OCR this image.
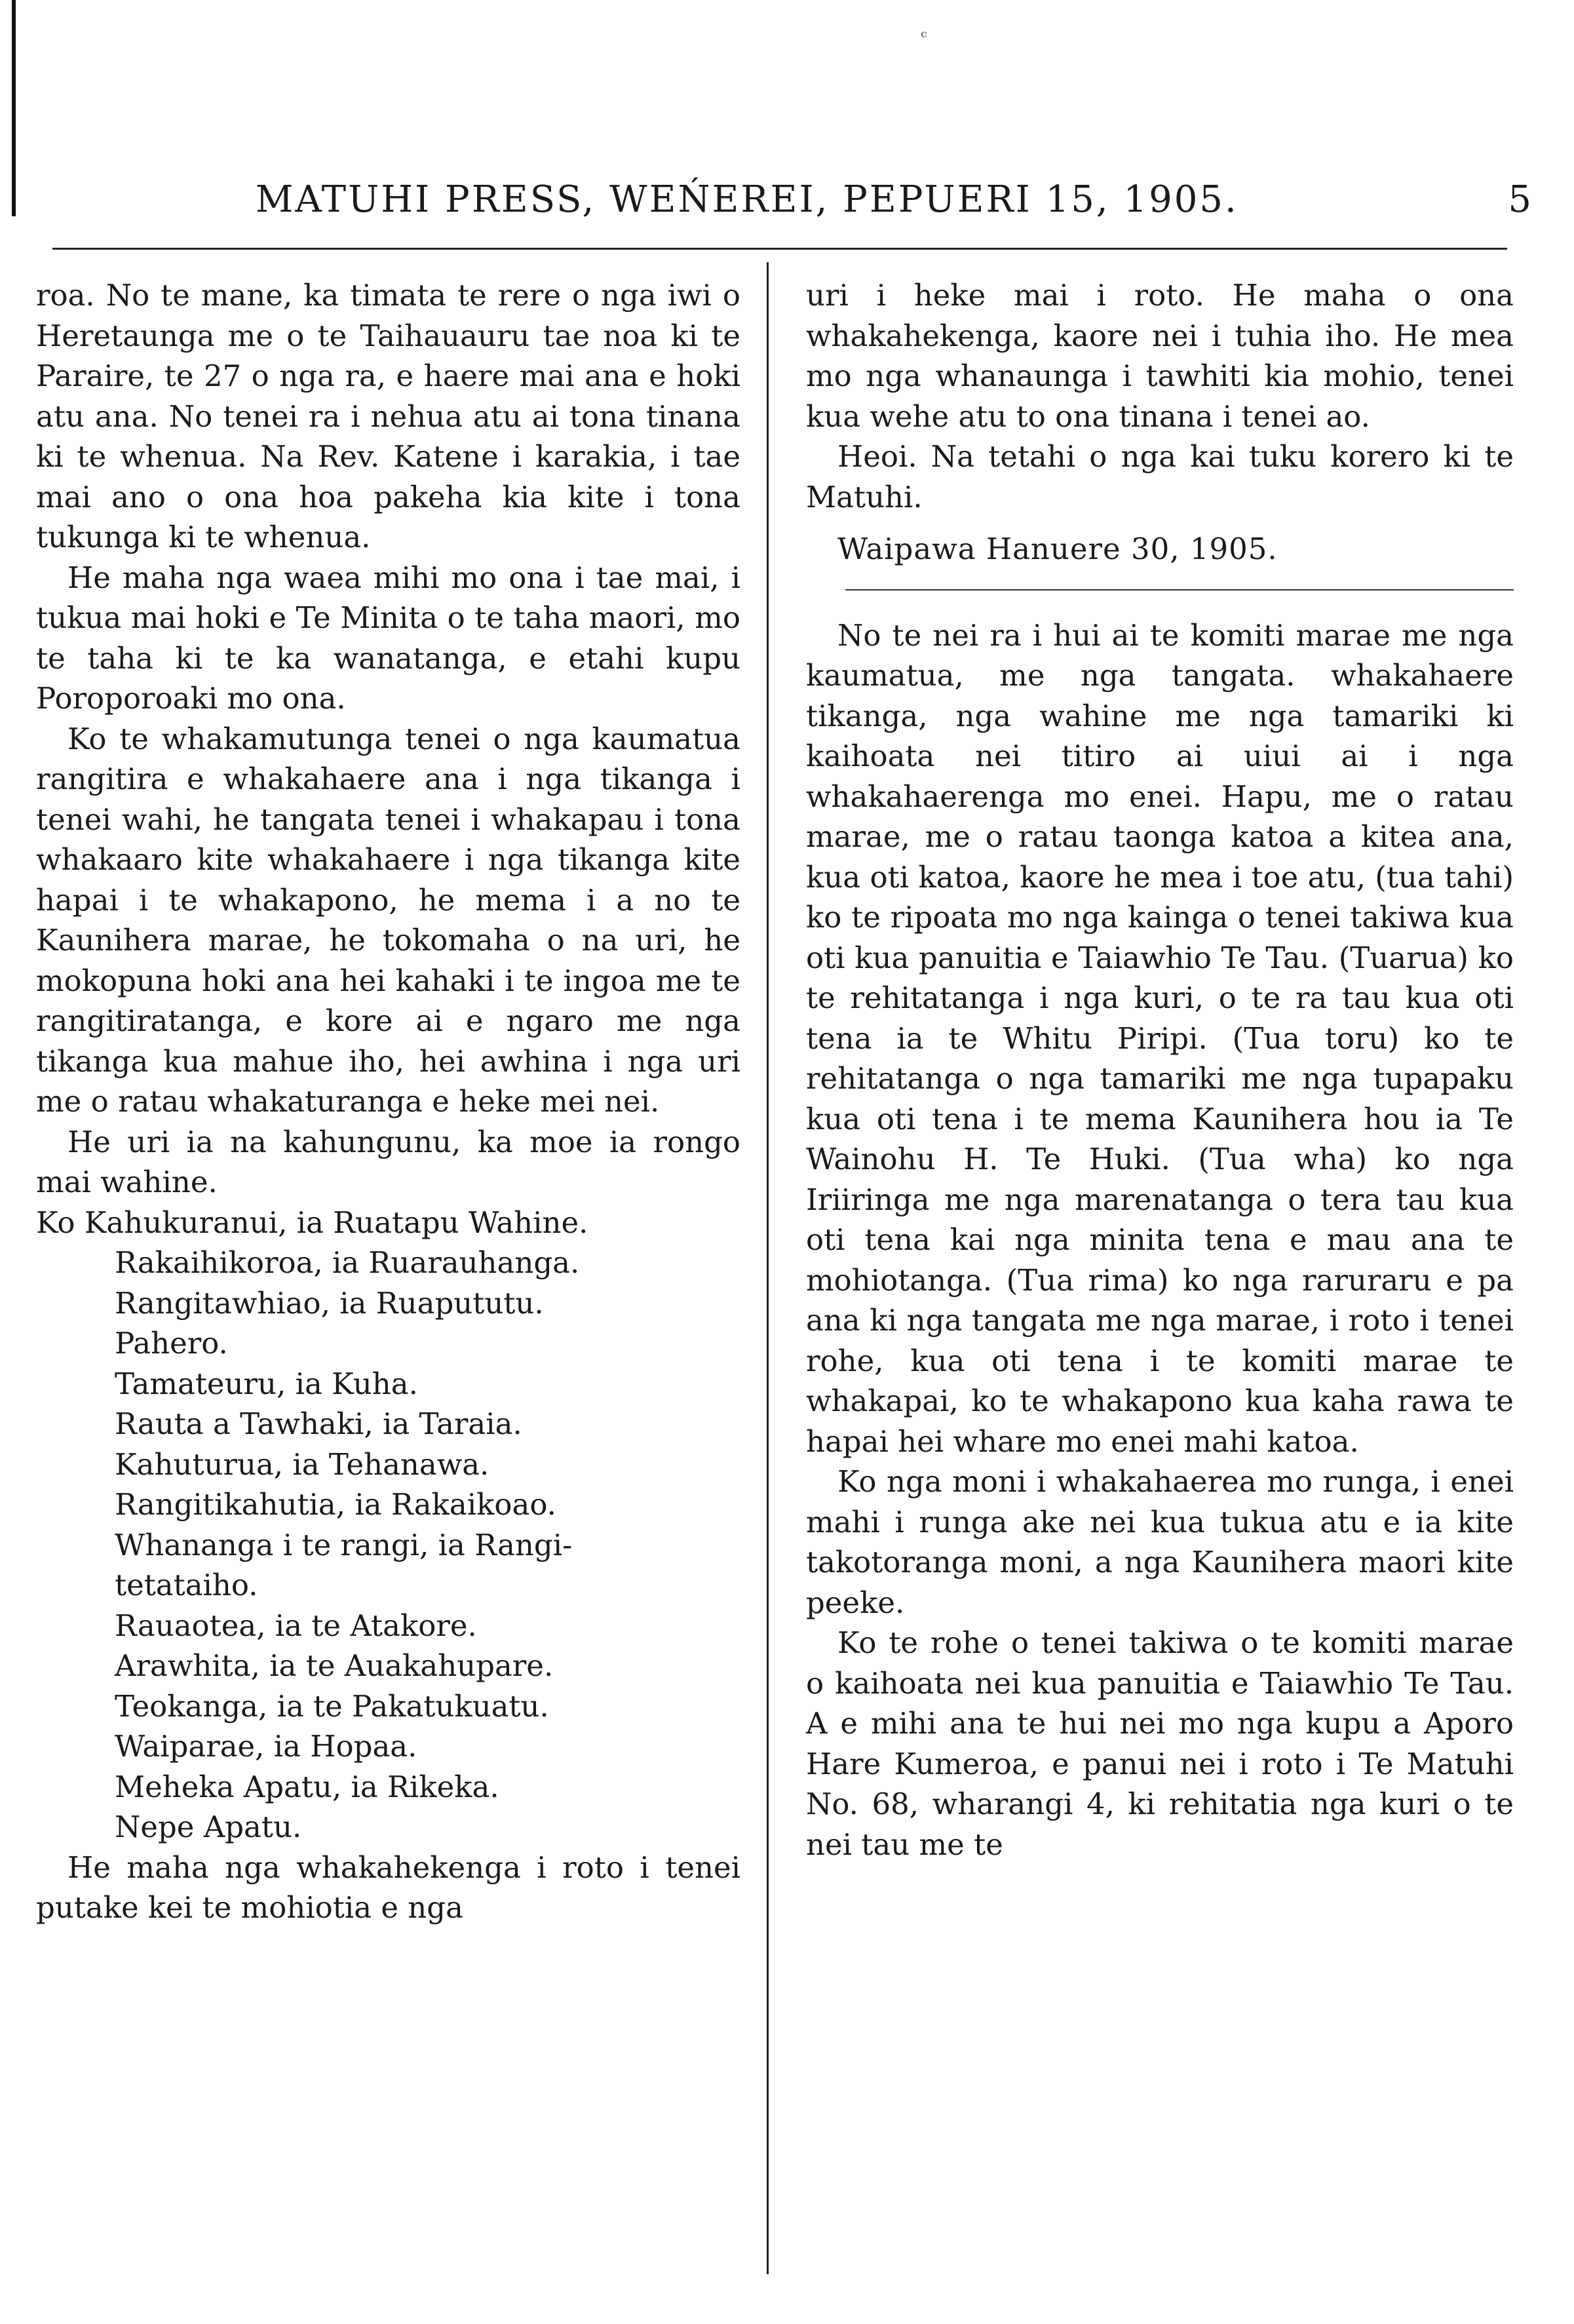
ᶜ
MATUHI PRESS, WEŃEREI, PEPUERI 15, 1905.	5

roa. No te mane, ka timata te rere o nga iwi o Heretaunga me o te Taihauauru tae noa ki te Paraire, te 27 o nga ra, e haere mai ana e hoki atu ana. No tenei ra i nehua atu ai tona tinana ki te whenua. Na Rev. Katene i karakia, i tae mai ano o ona hoa pakeha kia kite i tona tukunga ki te whenua.

He maha nga waea mihi mo ona i tae mai, i tukua mai hoki e Te Minita o te taha maori, mo te taha ki te ka wanatanga, e etahi kupu Poroporoaki mo ona.

Ko te whakamutunga tenei o nga kaumatua rangitira e whakahaere ana i nga tikanga i tenei wahi, he tangata tenei i whakapau i tona whakaaro kite whakahaere i nga tikanga kite hapai i te whakapono, he mema i a no te Kaunihera marae, he tokomaha o na uri, he mokopuna hoki ana hei kahaki i te ingoa me te rangitiratanga, e kore ai e ngaro me nga tikanga kua mahue iho, hei awhina i nga uri me o ratau whakaturanga e heke mei nei.

He uri ia na kahungunu, ka moe ia rongo mai wahine.

Ko Kahukuranui, ia Ruatapu Wahine.
Rakaihikoroa, ia Ruarauhanga.
Rangitawhiao, ia Ruapututu.
Pahero.
Tamateuru, ia Kuha.
Rauta a Tawhaki, ia Taraia.
Kahuturua, ia Tehanawa.
Rangitikahutia, ia Rakaikoao.
Whananga i te rangi, ia Rangi-
tetataiho.
Rauaotea, ia te Atakore.
Arawhita, ia te Auakahupare.
Teokanga, ia te Pakatukuatu.
Waiparae, ia Hopaa.
Meheka Apatu, ia Rikeka.
Nepe Apatu.

He maha nga whakahekenga i roto i tenei putake kei te mohiotia e nga

uri i heke mai i roto. He maha o ona whakahekenga, kaore nei i tuhia iho. He mea mo nga whanaunga i tawhiti kia mohio, tenei kua wehe atu to ona tinana i tenei ao.

Heoi. Na tetahi o nga kai tuku korero ki te Matuhi.

Waipawa Hanuere 30, 1905.

No te nei ra i hui ai te komiti marae me nga kaumatua, me nga tangata. whakahaere tikanga, nga wahine me nga tamariki ki kaihoata nei titiro ai uiui ai i nga whakahaerenga mo enei. Hapu, me o ratau marae, me o ratau taonga katoa a kitea ana, kua oti katoa, kaore he mea i toe atu, (tua tahi) ko te ripoata mo nga kainga o tenei takiwa kua oti kua panuitia e Taiawhio Te Tau. (Tuarua) ko te rehitatanga i nga kuri, o te ra tau kua oti tena ia te Whitu Piripi. (Tua toru) ko te rehitatanga o nga tamariki me nga tupapaku kua oti tena i te mema Kaunihera hou ia Te Wainohu H. Te Huki. (Tua wha) ko nga Iriiringa me nga marenatanga o tera tau kua oti tena kai nga minita tena e mau ana te mohiotanga. (Tua rima) ko nga raruraru e pa ana ki nga tangata me nga marae, i roto i tenei rohe, kua oti tena i te komiti marae te whakapai, ko te whakapono kua kaha rawa te hapai hei whare mo enei mahi katoa.

Ko nga moni i whakahaerea mo runga, i enei mahi i runga ake nei kua tukua atu e ia kite takotoranga moni, a nga Kaunihera maori kite peeke.

Ko te rohe o tenei takiwa o te komiti marae o kaihoata nei kua panuitia e Taiawhio Te Tau. A e mihi ana te hui nei mo nga kupu a Aporo Hare Kumeroa, e panui nei i roto i Te Matuhi No. 68, wharangi 4, ki rehitatia nga kuri o te nei tau me te
